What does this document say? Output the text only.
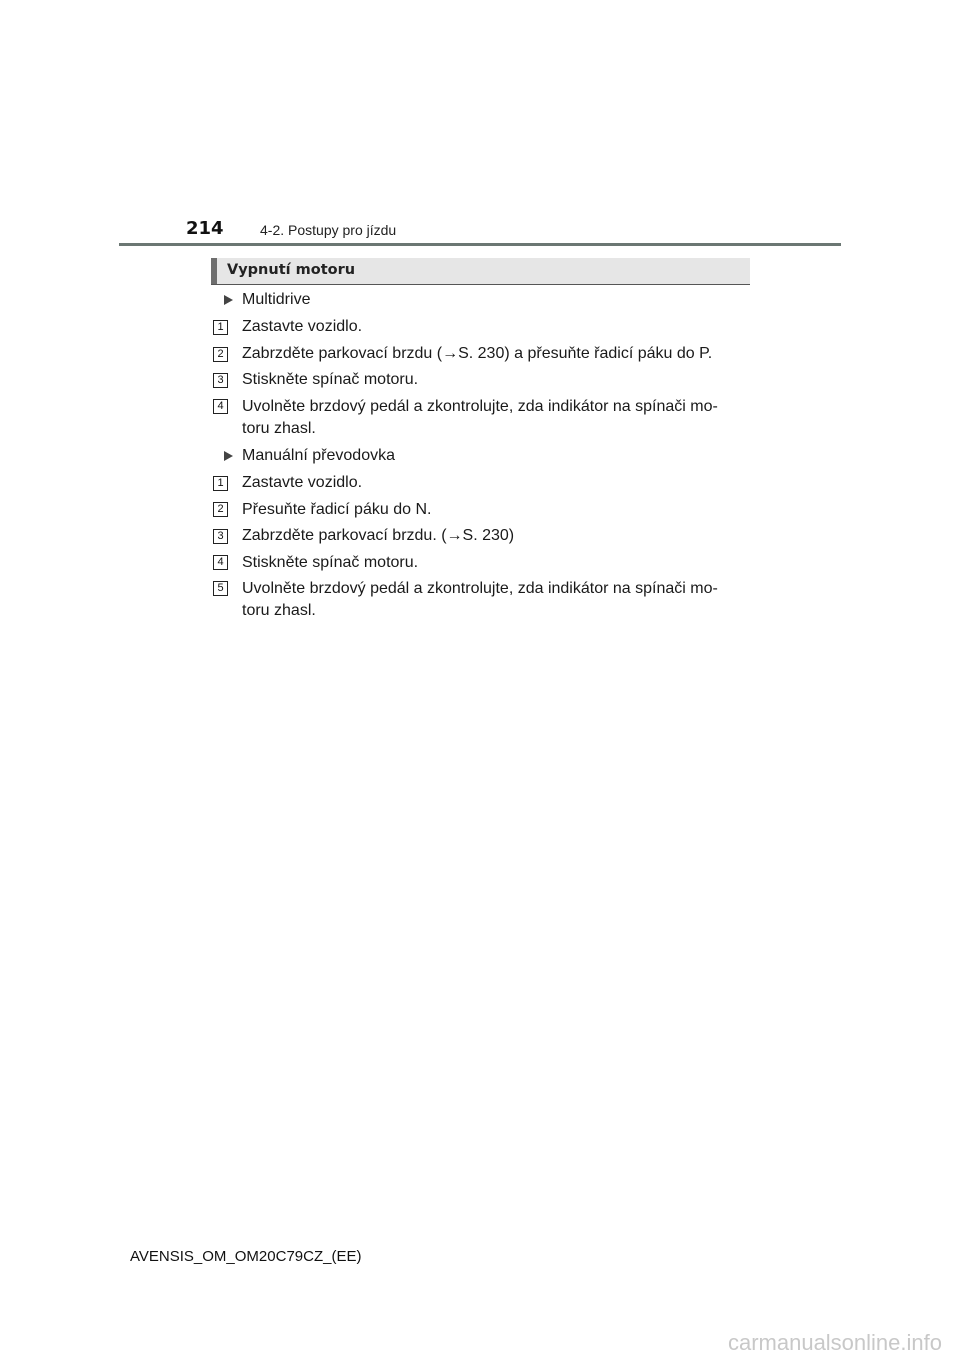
214	4-2. Postupy pro jízdu
Vypnutí motoru
Multidrive
1 Zastavte vozidlo.
2 Zabrzděte parkovací brzdu (→S. 230) a přesuňte řadicí páku do P.
3 Stiskněte spínač motoru.
4 Uvolněte brzdový pedál a zkontrolujte, zda indikátor na spínači mo-
toru zhasl.
Manuální převodovka
1 Zastavte vozidlo.
2 Přesuňte řadicí páku do N.
3 Zabrzděte parkovací brzdu. (→S. 230)
4 Stiskněte spínač motoru.
5 Uvolněte brzdový pedál a zkontrolujte, zda indikátor na spínači mo-
toru zhasl.
AVENSIS_OM_OM20C79CZ_(EE)
carmanualsonline.info
